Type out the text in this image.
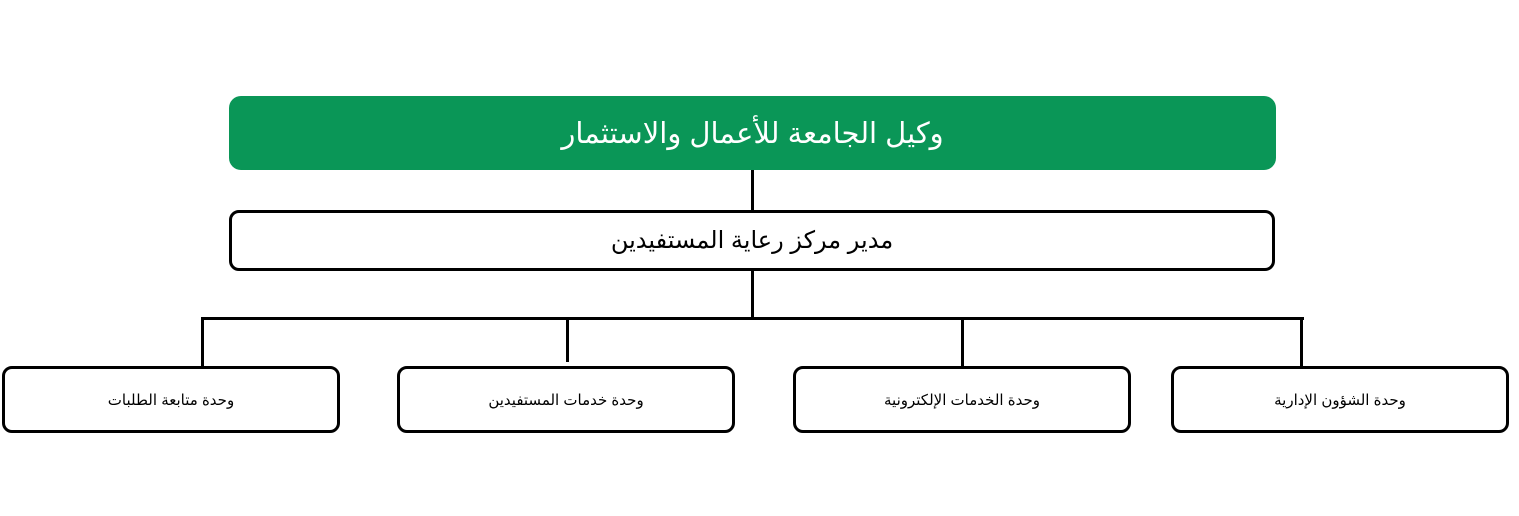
وكيل الجامعة للأعمال والاستثمار
مدير مركز رعاية المستفيدين
وحدة الشؤون الإدارية
وحدة الخدمات الإلكترونية
وحدة خدمات المستفيدين
وحدة متابعة الطلبات
